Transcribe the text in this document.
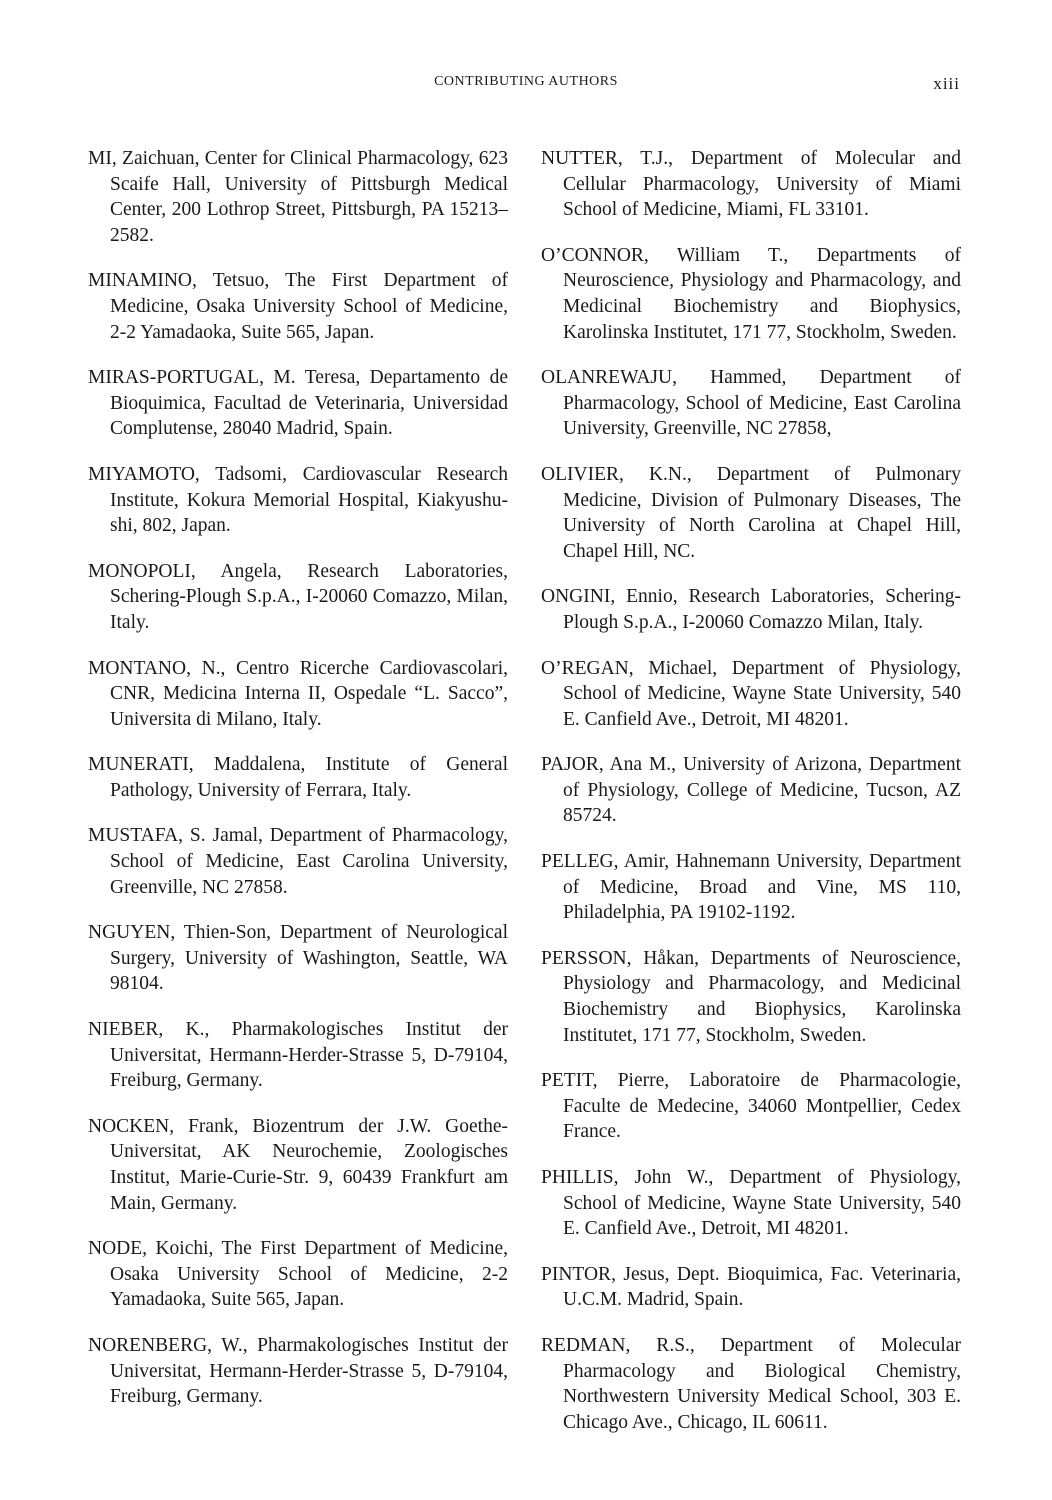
CONTRIBUTING AUTHORS	xiii

MI, Zaichuan, Center for Clinical Pharmacology, 623 Scaife Hall, University of Pittsburgh Medical Center, 200 Lothrop Street, Pittsburgh, PA 15213–2582.

MINAMINO, Tetsuo, The First Department of Medicine, Osaka University School of Medicine, 2-2 Yamadaoka, Suite 565, Japan.

MIRAS-PORTUGAL, M. Teresa, Departamento de Bioquimica, Facultad de Veterinaria, Universidad Complutense, 28040 Madrid, Spain.

MIYAMOTO, Tadsomi, Cardiovascular Research Institute, Kokura Memorial Hospital, Kiakyushu-shi, 802, Japan.

MONOPOLI, Angela, Research Laboratories, Schering-Plough S.p.A., I-20060 Comazzo, Milan, Italy.

MONTANO, N., Centro Ricerche Cardiovascolari, CNR, Medicina Interna II, Ospedale “L. Sacco”, Universita di Milano, Italy.

MUNERATI, Maddalena, Institute of General Pathology, University of Ferrara, Italy.

MUSTAFA, S. Jamal, Department of Pharmacology, School of Medicine, East Carolina University, Greenville, NC 27858.

NGUYEN, Thien-Son, Department of Neurological Surgery, University of Washington, Seattle, WA 98104.

NIEBER, K., Pharmakologisches Institut der Universitat, Hermann-Herder-Strasse 5, D-79104, Freiburg, Germany.

NOCKEN, Frank, Biozentrum der J.W. Goethe-Universitat, AK Neurochemie, Zoologisches Institut, Marie-Curie-Str. 9, 60439 Frankfurt am Main, Germany.

NODE, Koichi, The First Department of Medicine, Osaka University School of Medicine, 2-2 Yamadaoka, Suite 565, Japan.

NORENBERG, W., Pharmakologisches Institut der Universitat, Hermann-Herder-Strasse 5, D-79104, Freiburg, Germany.

NUTTER, T.J., Department of Molecular and Cellular Pharmacology, University of Miami School of Medicine, Miami, FL 33101.

O’CONNOR, William T., Departments of Neuroscience, Physiology and Pharmacology, and Medicinal Biochemistry and Biophysics, Karolinska Institutet, 171 77, Stockholm, Sweden.

OLANREWAJU, Hammed, Department of Pharmacology, School of Medicine, East Carolina University, Greenville, NC 27858,

OLIVIER, K.N., Department of Pulmonary Medicine, Division of Pulmonary Diseases, The University of North Carolina at Chapel Hill, Chapel Hill, NC.

ONGINI, Ennio, Research Laboratories, Schering-Plough S.p.A., I-20060 Comazzo Milan, Italy.

O’REGAN, Michael, Department of Physiology, School of Medicine, Wayne State University, 540 E. Canfield Ave., Detroit, MI 48201.

PAJOR, Ana M., University of Arizona, Department of Physiology, College of Medicine, Tucson, AZ 85724.

PELLEG, Amir, Hahnemann University, Department of Medicine, Broad and Vine, MS 110, Philadelphia, PA 19102-1192.

PERSSON, Håkan, Departments of Neuroscience, Physiology and Pharmacology, and Medicinal Biochemistry and Biophysics, Karolinska Institutet, 171 77, Stockholm, Sweden.

PETIT, Pierre, Laboratoire de Pharmacologie, Faculte de Medecine, 34060 Montpellier, Cedex France.

PHILLIS, John W., Department of Physiology, School of Medicine, Wayne State University, 540 E. Canfield Ave., Detroit, MI 48201.

PINTOR, Jesus, Dept. Bioquimica, Fac. Veterinaria, U.C.M. Madrid, Spain.

REDMAN, R.S., Department of Molecular Pharmacology and Biological Chemistry, Northwestern University Medical School, 303 E. Chicago Ave., Chicago, IL 60611.
